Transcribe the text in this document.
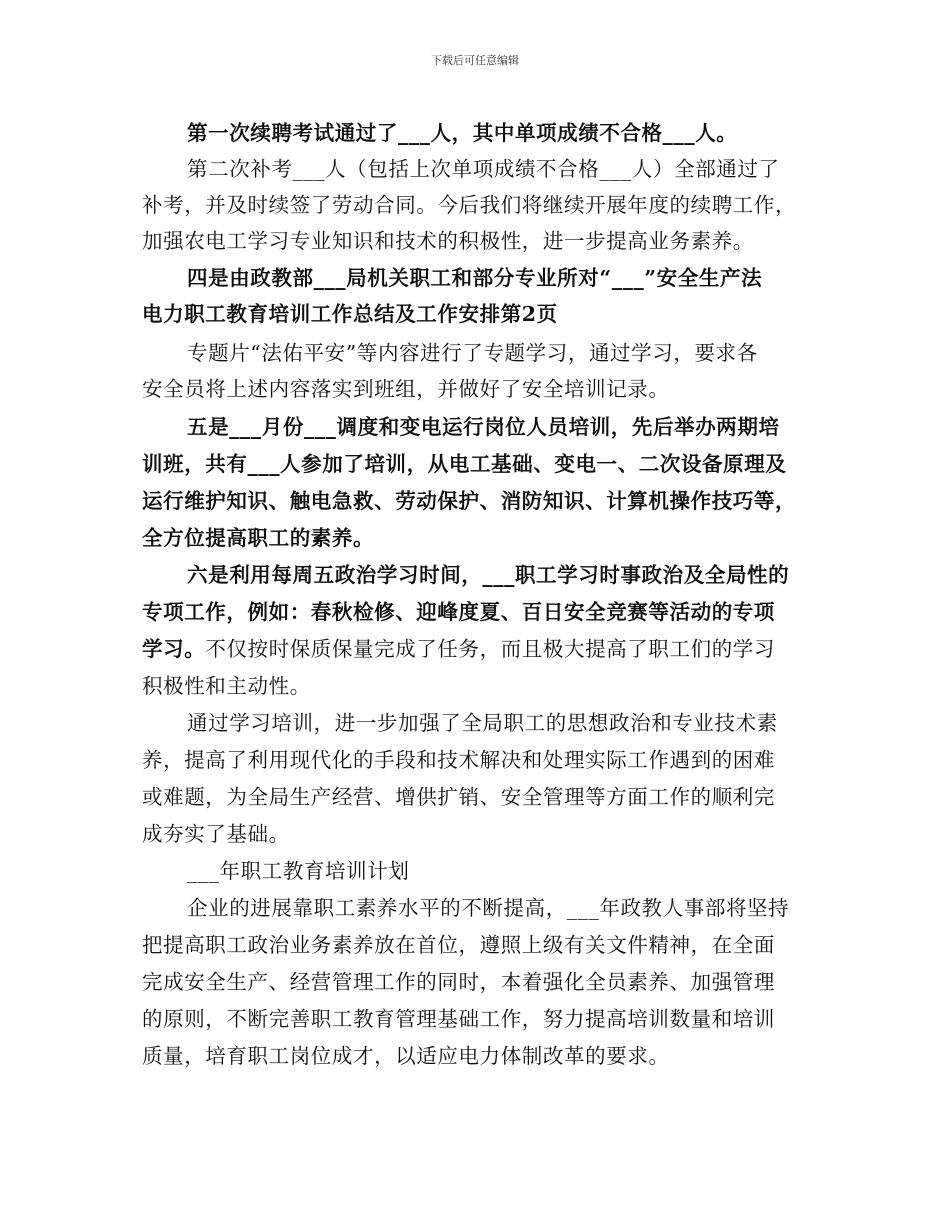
下载后可任意编辑
第一次续聘考试通过了___人，其中单项成绩不合格___人。
第二次补考___人（包括上次单项成绩不合格___人）全部通过了
补考，并及时续签了劳动合同。今后我们将继续开展年度的续聘工作，
加强农电工学习专业知识和技术的积极性，进一步提高业务素养。
四是由政教部___局机关职工和部分专业所对“___”安全生产法
电力职工教育培训工作总结及工作安排第2页
专题片“法佑平安”等内容进行了专题学习，通过学习，要求各
安全员将上述内容落实到班组，并做好了安全培训记录。
五是___月份___调度和变电运行岗位人员培训，先后举办两期培
训班，共有___人参加了培训，从电工基础、变电一、二次设备原理及
运行维护知识、触电急救、劳动保护、消防知识、计算机操作技巧等，
全方位提高职工的素养。
六是利用每周五政治学习时间，___职工学习时事政治及全局性的
专项工作，例如：春秋检修、迎峰度夏、百日安全竞赛等活动的专项
学习。不仅按时保质保量完成了任务，而且极大提高了职工们的学习
积极性和主动性。
通过学习培训，进一步加强了全局职工的思想政治和专业技术素
养，提高了利用现代化的手段和技术解决和处理实际工作遇到的困难
或难题，为全局生产经营、增供扩销、安全管理等方面工作的顺利完
成夯实了基础。
___年职工教育培训计划
企业的进展靠职工素养水平的不断提高，___年政教人事部将坚持
把提高职工政治业务素养放在首位，遵照上级有关文件精神，在全面
完成安全生产、经营管理工作的同时，本着强化全员素养、加强管理
的原则，不断完善职工教育管理基础工作，努力提高培训数量和培训
质量，培育职工岗位成才，以适应电力体制改革的要求。
